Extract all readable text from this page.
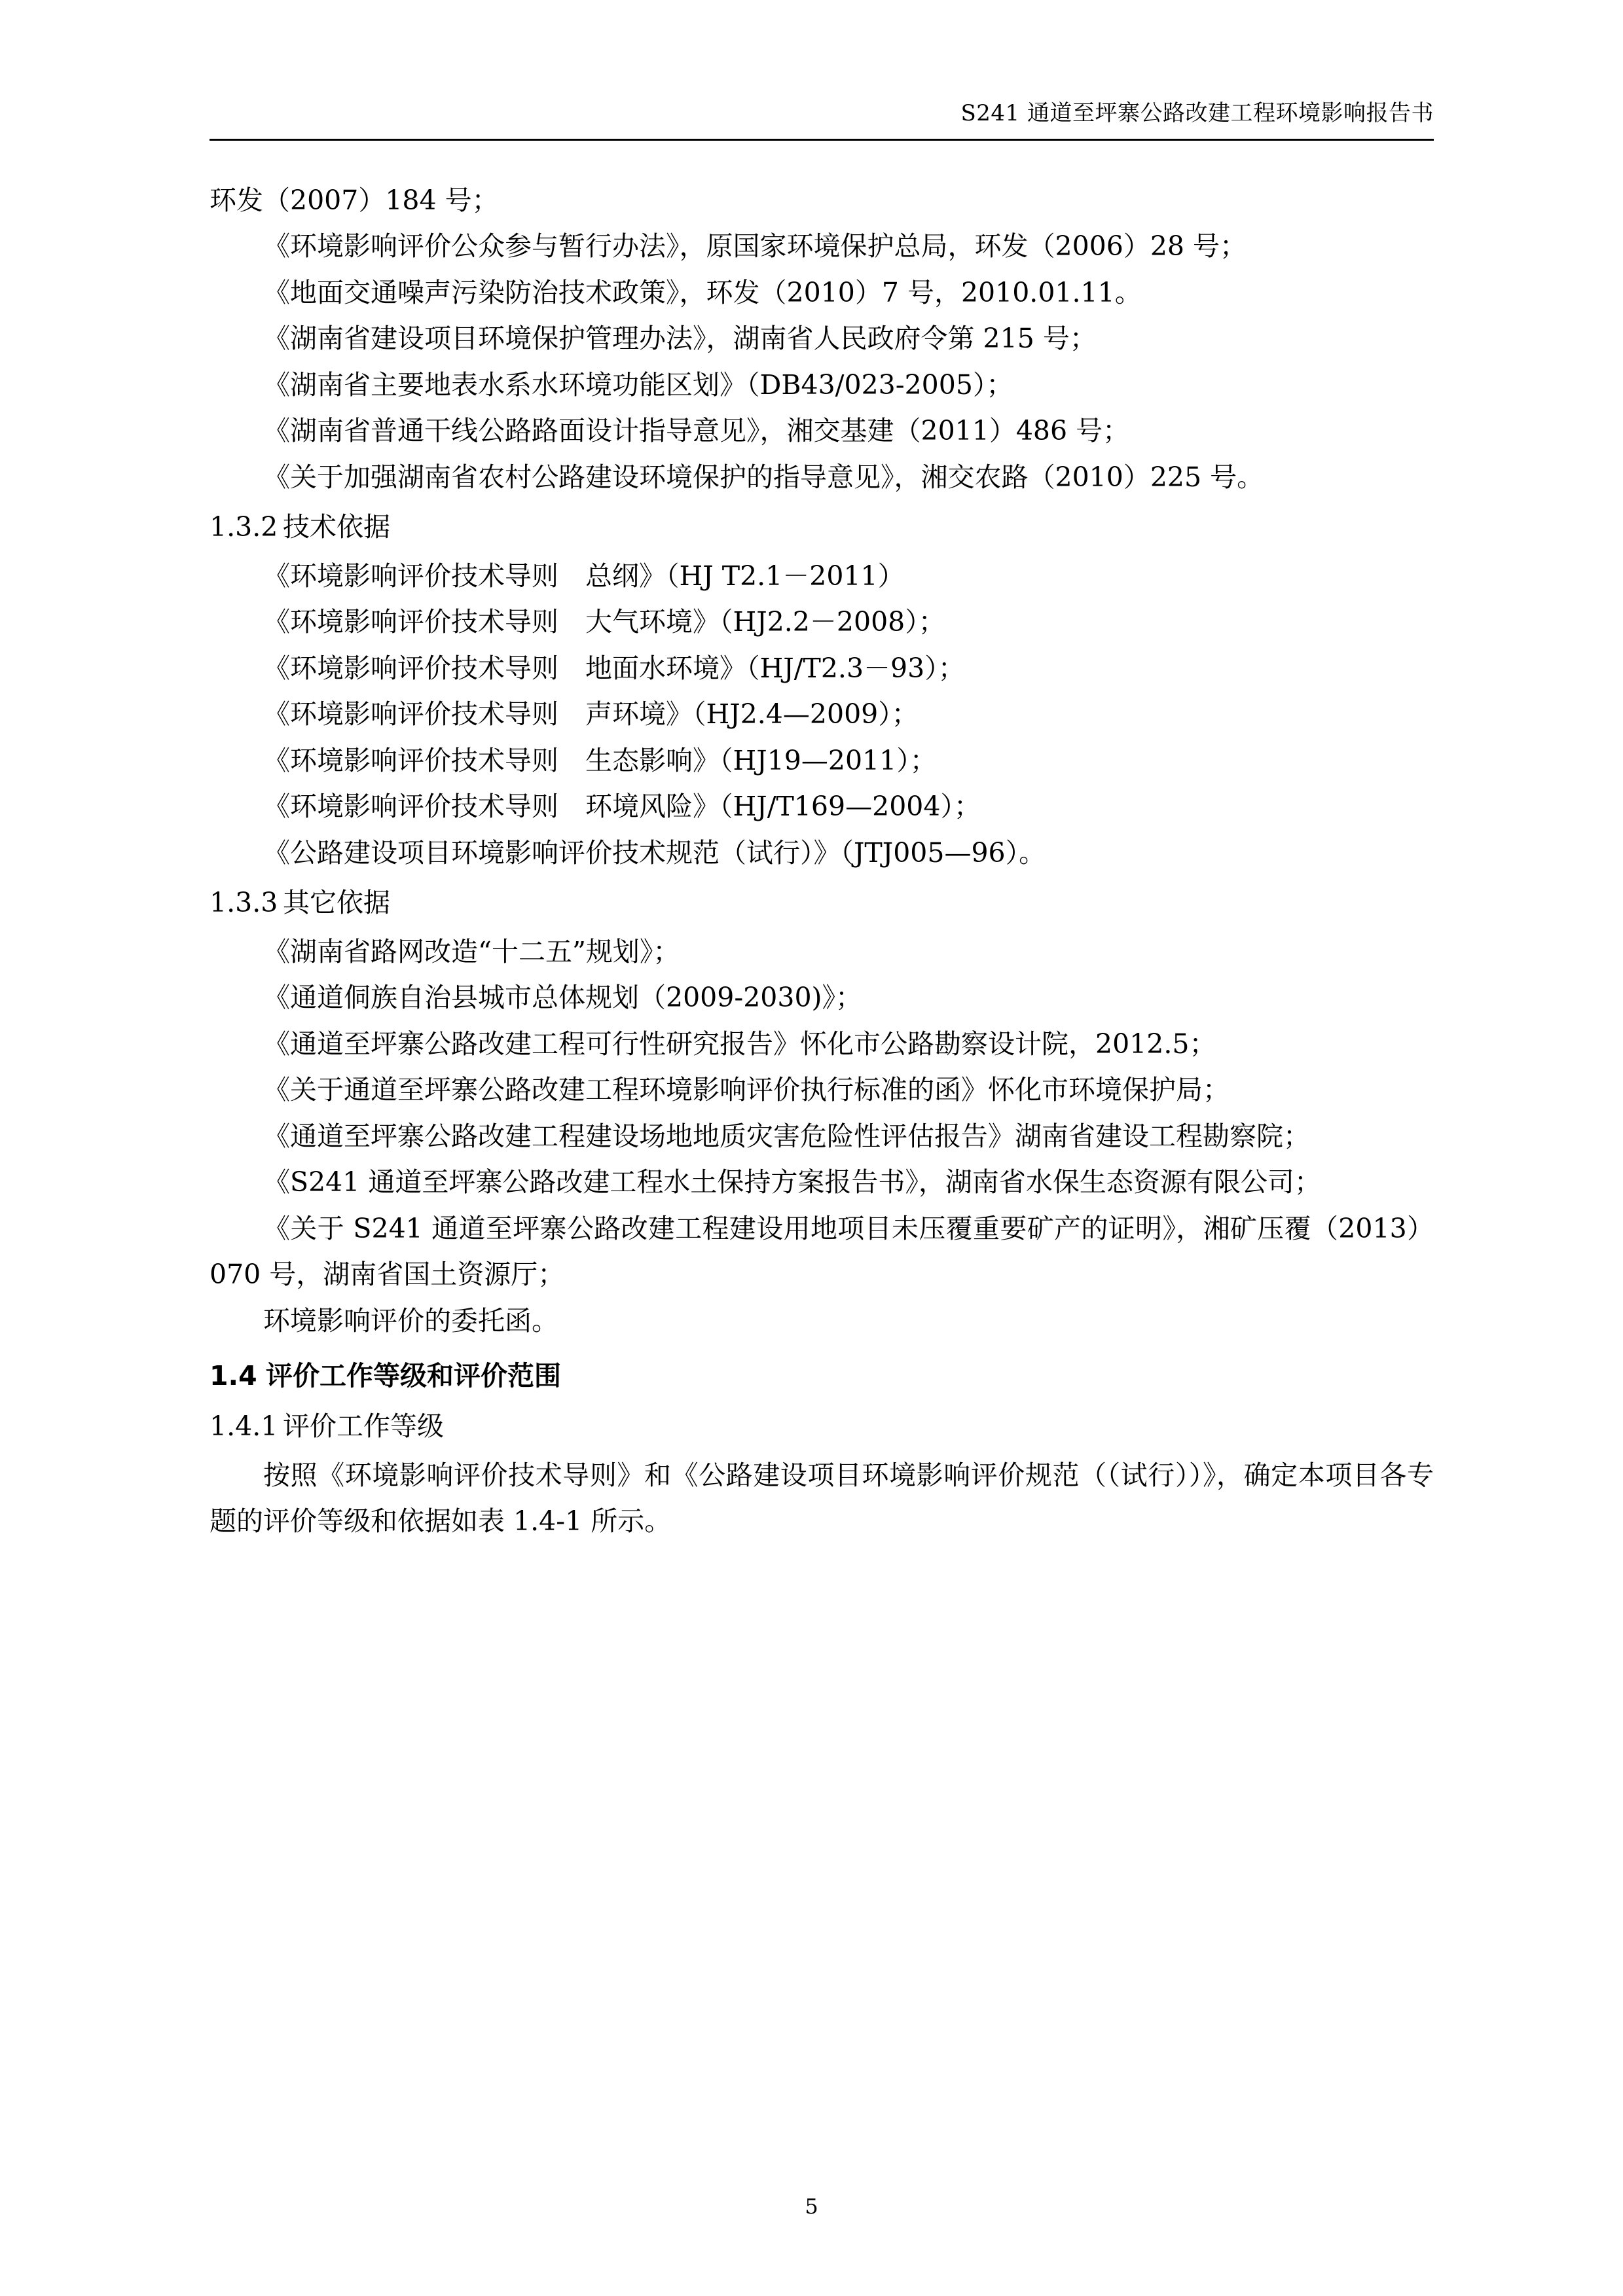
S241 通道至坪寨公路改建工程环境影响报告书

环发（2007）184 号；

《环境影响评价公众参与暂行办法》，原国家环境保护总局，环发（2006）28 号；

《地面交通噪声污染防治技术政策》，环发（2010）7 号，2010.01.11。

《湖南省建设项目环境保护管理办法》，湖南省人民政府令第 215 号；

《湖南省主要地表水系水环境功能区划》（DB43/023-2005）；

《湖南省普通干线公路路面设计指导意见》，湘交基建（2011）486 号；

《关于加强湖南省农村公路建设环境保护的指导意见》，湘交农路（2010）225 号。

1.3.2 技术依据

《环境影响评价技术导则　总纲》（HJ T2.1－2011）

《环境影响评价技术导则　大气环境》（HJ2.2－2008）；

《环境影响评价技术导则　地面水环境》（HJ/T2.3－93）；

《环境影响评价技术导则　声环境》（HJ2.4—2009）；

《环境影响评价技术导则　生态影响》（HJ19—2011）；

《环境影响评价技术导则　环境风险》（HJ/T169—2004）；

《公路建设项目环境影响评价技术规范（试行）》（JTJ005—96）。

1.3.3 其它依据

《湖南省路网改造“十二五”规划》；

《通道侗族自治县城市总体规划（2009-2030)》；

《通道至坪寨公路改建工程可行性研究报告》怀化市公路勘察设计院，2012.5；

《关于通道至坪寨公路改建工程环境影响评价执行标准的函》怀化市环境保护局；

《通道至坪寨公路改建工程建设场地地质灾害危险性评估报告》湖南省建设工程勘察院；

《S241 通道至坪寨公路改建工程水土保持方案报告书》，湖南省水保生态资源有限公司；

《关于 S241 通道至坪寨公路改建工程建设用地项目未压覆重要矿产的证明》，湘矿压覆（2013）070 号，湖南省国土资源厅；

环境影响评价的委托函。

1.4 评价工作等级和评价范围
1.4.1 评价工作等级

按照《环境影响评价技术导则》和《公路建设项目环境影响评价规范（（试行））》，确定本项目各专题的评价等级和依据如表 1.4-1 所示。

5
